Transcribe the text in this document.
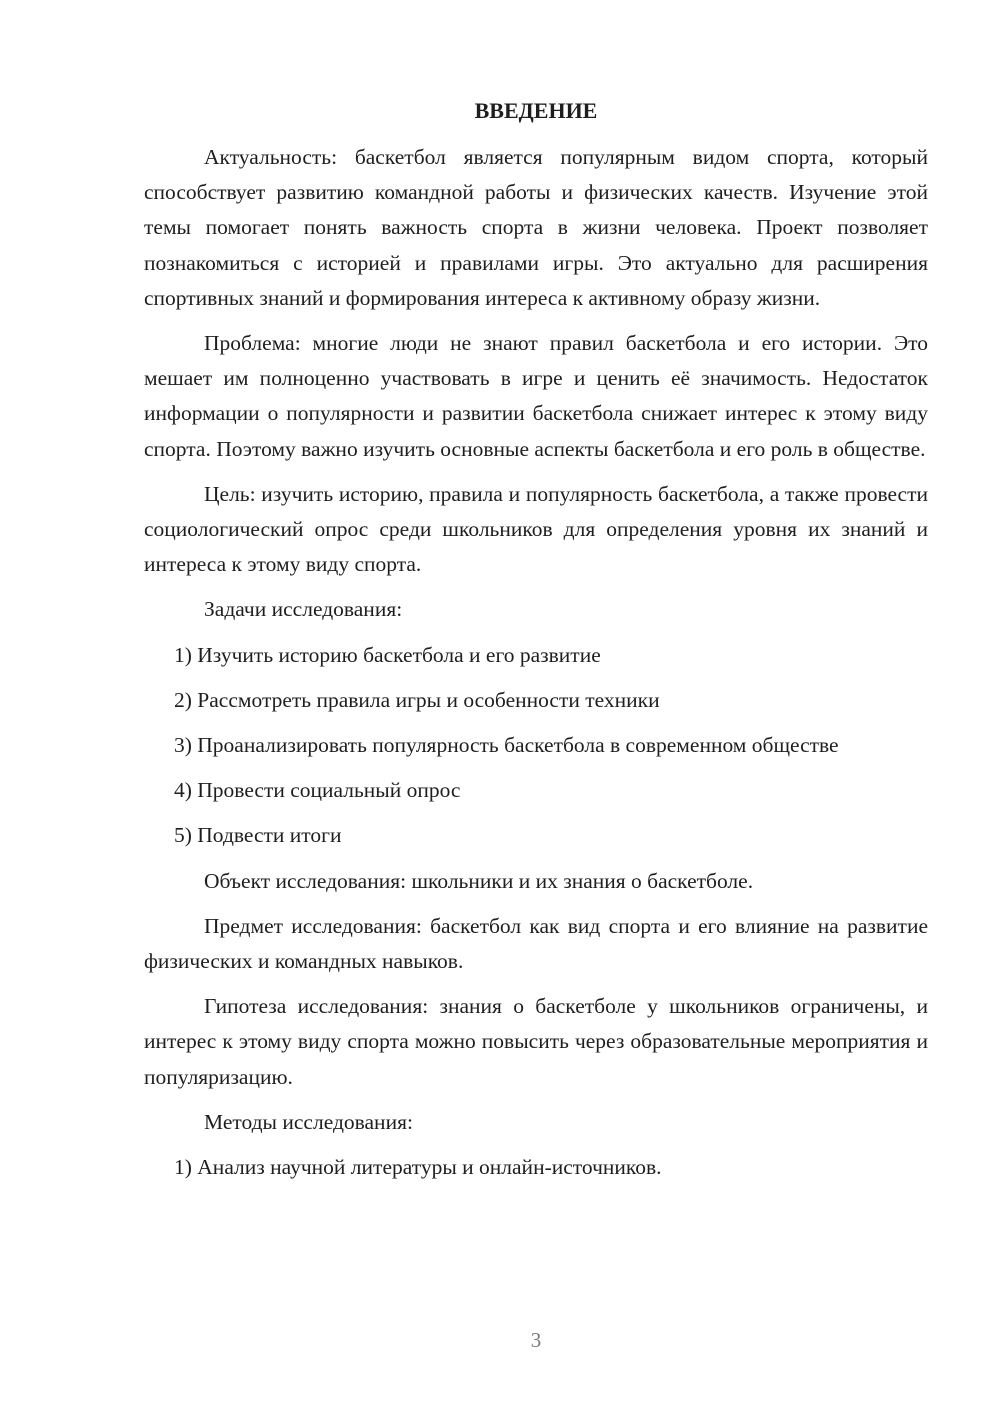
ВВЕДЕНИЕ

Актуальность: баскетбол является популярным видом спорта, который способствует развитию командной работы и физических качеств. Изучение этой темы помогает понять важность спорта в жизни человека. Проект позволяет познакомиться с историей и правилами игры. Это актуально для расширения спортивных знаний и формирования интереса к активному образу жизни.

Проблема: многие люди не знают правил баскетбола и его истории. Это мешает им полноценно участвовать в игре и ценить её значимость. Недостаток информации о популярности и развитии баскетбола снижает интерес к этому виду спорта. Поэтому важно изучить основные аспекты баскетбола и его роль в обществе.

Цель: изучить историю, правила и популярность баскетбола, а также провести социологический опрос среди школьников для определения уровня их знаний и интереса к этому виду спорта.

Задачи исследования:

1) Изучить историю баскетбола и его развитие

2) Рассмотреть правила игры и особенности техники

3) Проанализировать популярность баскетбола в современном обществе

4) Провести социальный опрос

5) Подвести итоги

Объект исследования: школьники и их знания о баскетболе.

Предмет исследования: баскетбол как вид спорта и его влияние на развитие физических и командных навыков.

Гипотеза исследования: знания о баскетболе у школьников ограничены, и интерес к этому виду спорта можно повысить через образовательные мероприятия и популяризацию.

Методы исследования:

1) Анализ научной литературы и онлайн-источников.

3
